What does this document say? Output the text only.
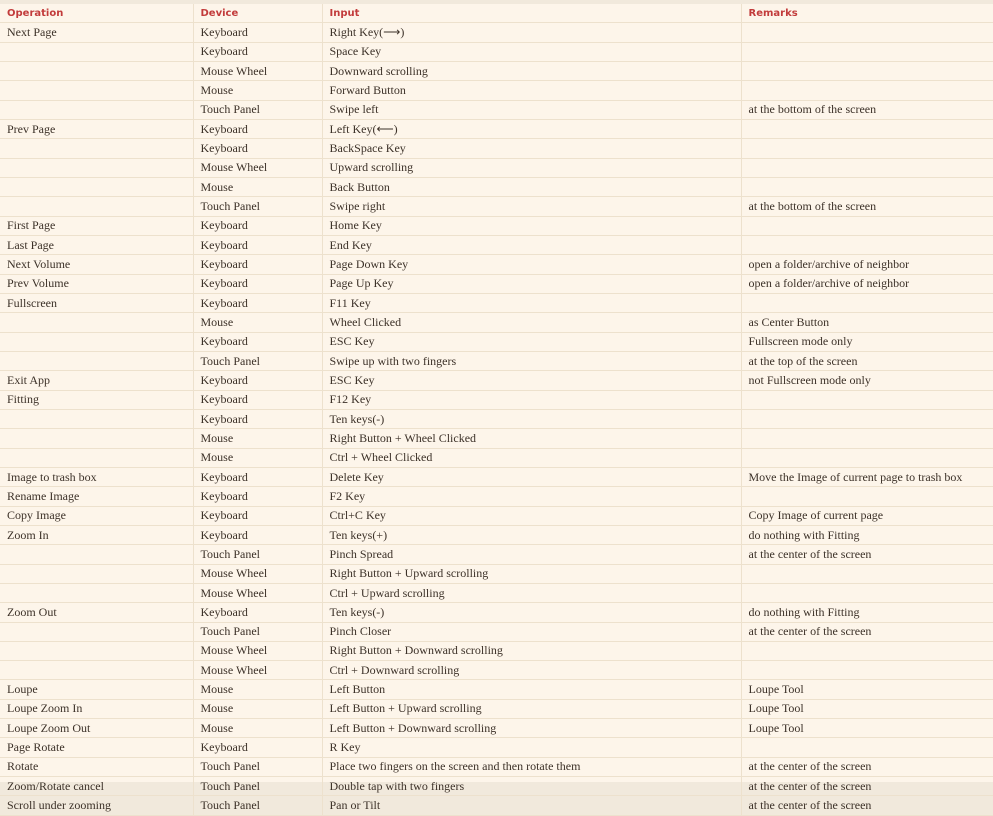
Operation	Device	Input	Remarks
Next Page	Keyboard	Right Key(⟶)	
	Keyboard	Space Key	
	Mouse Wheel	Downward scrolling	
	Mouse	Forward Button	
	Touch Panel	Swipe left	at the bottom of the screen
Prev Page	Keyboard	Left Key(⟵)	
	Keyboard	BackSpace Key	
	Mouse Wheel	Upward scrolling	
	Mouse	Back Button	
	Touch Panel	Swipe right	at the bottom of the screen
First Page	Keyboard	Home Key	
Last Page	Keyboard	End Key	
Next Volume	Keyboard	Page Down Key	open a folder/archive of neighbor
Prev Volume	Keyboard	Page Up Key	open a folder/archive of neighbor
Fullscreen	Keyboard	F11 Key	
	Mouse	Wheel Clicked	as Center Button
	Keyboard	ESC Key	Fullscreen mode only
	Touch Panel	Swipe up with two fingers	at the top of the screen
Exit App	Keyboard	ESC Key	not Fullscreen mode only
Fitting	Keyboard	F12 Key	
	Keyboard	Ten keys(-)	
	Mouse	Right Button + Wheel Clicked	
	Mouse	Ctrl + Wheel Clicked	
Image to trash box	Keyboard	Delete Key	Move the Image of current page to trash box
Rename Image	Keyboard	F2 Key	
Copy Image	Keyboard	Ctrl+C Key	Copy Image of current page
Zoom In	Keyboard	Ten keys(+)	do nothing with Fitting
	Touch Panel	Pinch Spread	at the center of the screen
	Mouse Wheel	Right Button + Upward scrolling	
	Mouse Wheel	Ctrl + Upward scrolling	
Zoom Out	Keyboard	Ten keys(-)	do nothing with Fitting
	Touch Panel	Pinch Closer	at the center of the screen
	Mouse Wheel	Right Button + Downward scrolling	
	Mouse Wheel	Ctrl + Downward scrolling	
Loupe	Mouse	Left Button	Loupe Tool
Loupe Zoom In	Mouse	Left Button + Upward scrolling	Loupe Tool
Loupe Zoom Out	Mouse	Left Button + Downward scrolling	Loupe Tool
Page Rotate	Keyboard	R Key	
Rotate	Touch Panel	Place two fingers on the screen and then rotate them	at the center of the screen
Zoom/Rotate cancel	Touch Panel	Double tap with two fingers	at the center of the screen
Scroll under zooming	Touch Panel	Pan or Tilt	at the center of the screen
